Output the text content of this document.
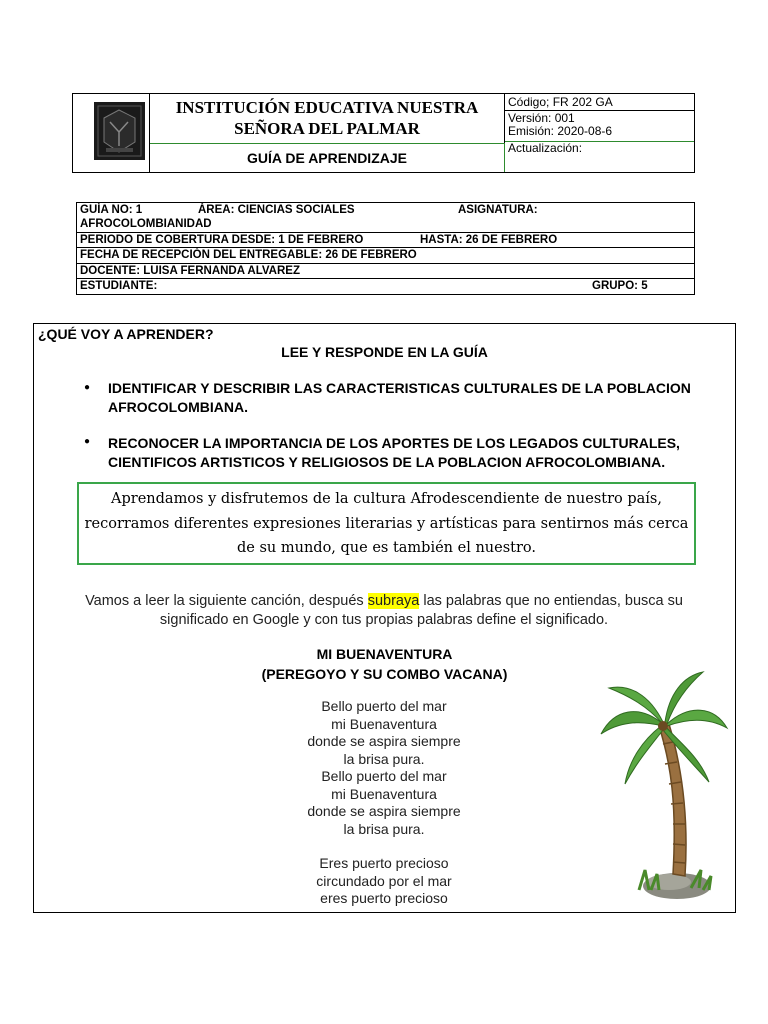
INSTITUCIÓN EDUCATIVA NUESTRA
SEÑORA DEL PALMAR
GUÍA DE APRENDIZAJE
Código; FR 202 GA
Versión: 001
Emisión: 2020-08-6
Actualización:
GUÍA NO: 1	ÁREA: CIENCIAS SOCIALES	ASIGNATURA:
AFROCOLOMBIANIDAD
PERIODO DE COBERTURA DESDE: 1 DE FEBRERO	HASTA: 26 DE FEBRERO
FECHA DE RECEPCIÓN DEL ENTREGABLE: 26 DE FEBRERO
DOCENTE: LUISA FERNANDA ALVAREZ
ESTUDIANTE:	GRUPO: 5
¿QUÉ VOY A APRENDER?
LEE Y RESPONDE EN LA GUÍA
● IDENTIFICAR Y DESCRIBIR LAS CARACTERISTICAS CULTURALES DE LA POBLACION AFROCOLOMBIANA.
● RECONOCER LA IMPORTANCIA DE LOS APORTES DE LOS LEGADOS CULTURALES, CIENTIFICOS ARTISTICOS Y RELIGIOSOS DE LA POBLACION AFROCOLOMBIANA.
Aprendamos y disfrutemos de la cultura Afrodescendiente de nuestro país, recorramos diferentes expresiones literarias y artísticas para sentirnos más cerca de su mundo, que es también el nuestro.
Vamos a leer la siguiente canción, después subraya las palabras que no entiendas, busca su significado en Google y con tus propias palabras define el significado.
MI BUENAVENTURA
(PEREGOYO Y SU COMBO VACANA)
Bello puerto del mar
mi Buenaventura
donde se aspira siempre
la brisa pura.
Bello puerto del mar
mi Buenaventura
donde se aspira siempre
la brisa pura.
Eres puerto precioso
circundado por el mar
eres puerto precioso
